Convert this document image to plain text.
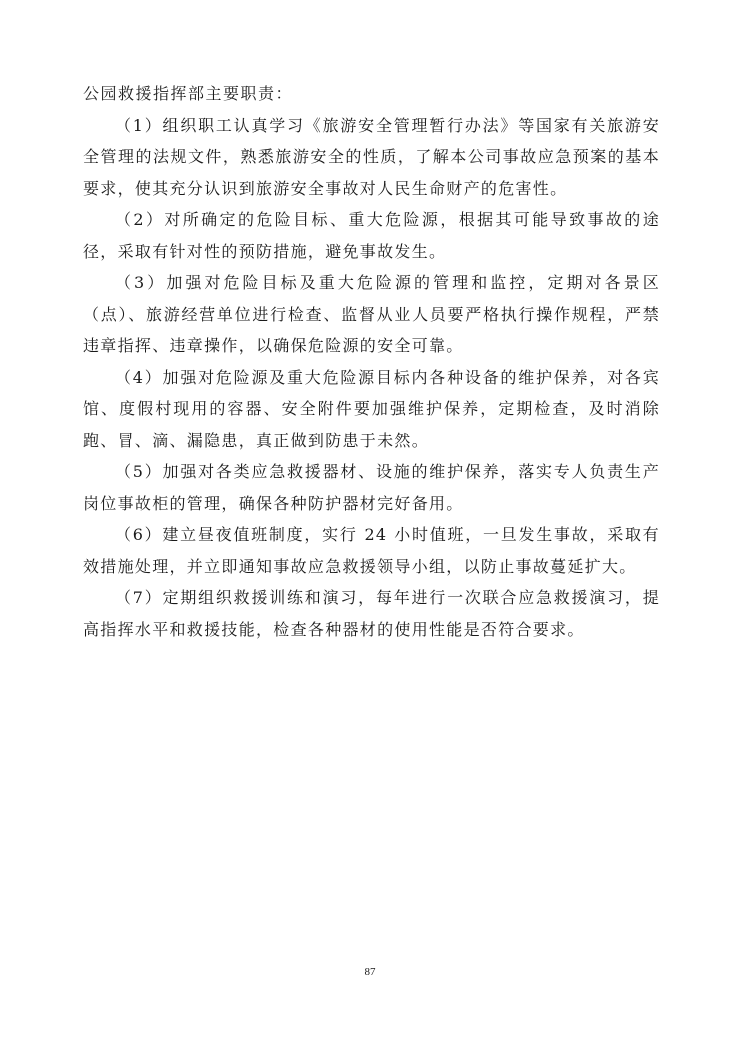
公园救援指挥部主要职责：

（1）组织职工认真学习《旅游安全管理暂行办法》等国家有关旅游安全管理的法规文件，熟悉旅游安全的性质，了解本公司事故应急预案的基本要求，使其充分认识到旅游安全事故对人民生命财产的危害性。
（2）对所确定的危险目标、重大危险源，根据其可能导致事故的途径，采取有针对性的预防措施，避免事故发生。
（3）加强对危险目标及重大危险源的管理和监控，定期对各景区（点）、旅游经营单位进行检查、监督从业人员要严格执行操作规程，严禁违章指挥、违章操作，以确保危险源的安全可靠。
（4）加强对危险源及重大危险源目标内各种设备的维护保养，对各宾馆、度假村现用的容器、安全附件要加强维护保养，定期检查，及时消除跑、冒、滴、漏隐患，真正做到防患于未然。
（5）加强对各类应急救援器材、设施的维护保养，落实专人负责生产岗位事故柜的管理，确保各种防护器材完好备用。
（6）建立昼夜值班制度，实行 24 小时值班，一旦发生事故，采取有效措施处理，并立即通知事故应急救援领导小组，以防止事故蔓延扩大。
（7）定期组织救援训练和演习，每年进行一次联合应急救援演习，提高指挥水平和救援技能，检查各种器材的使用性能是否符合要求。
87
